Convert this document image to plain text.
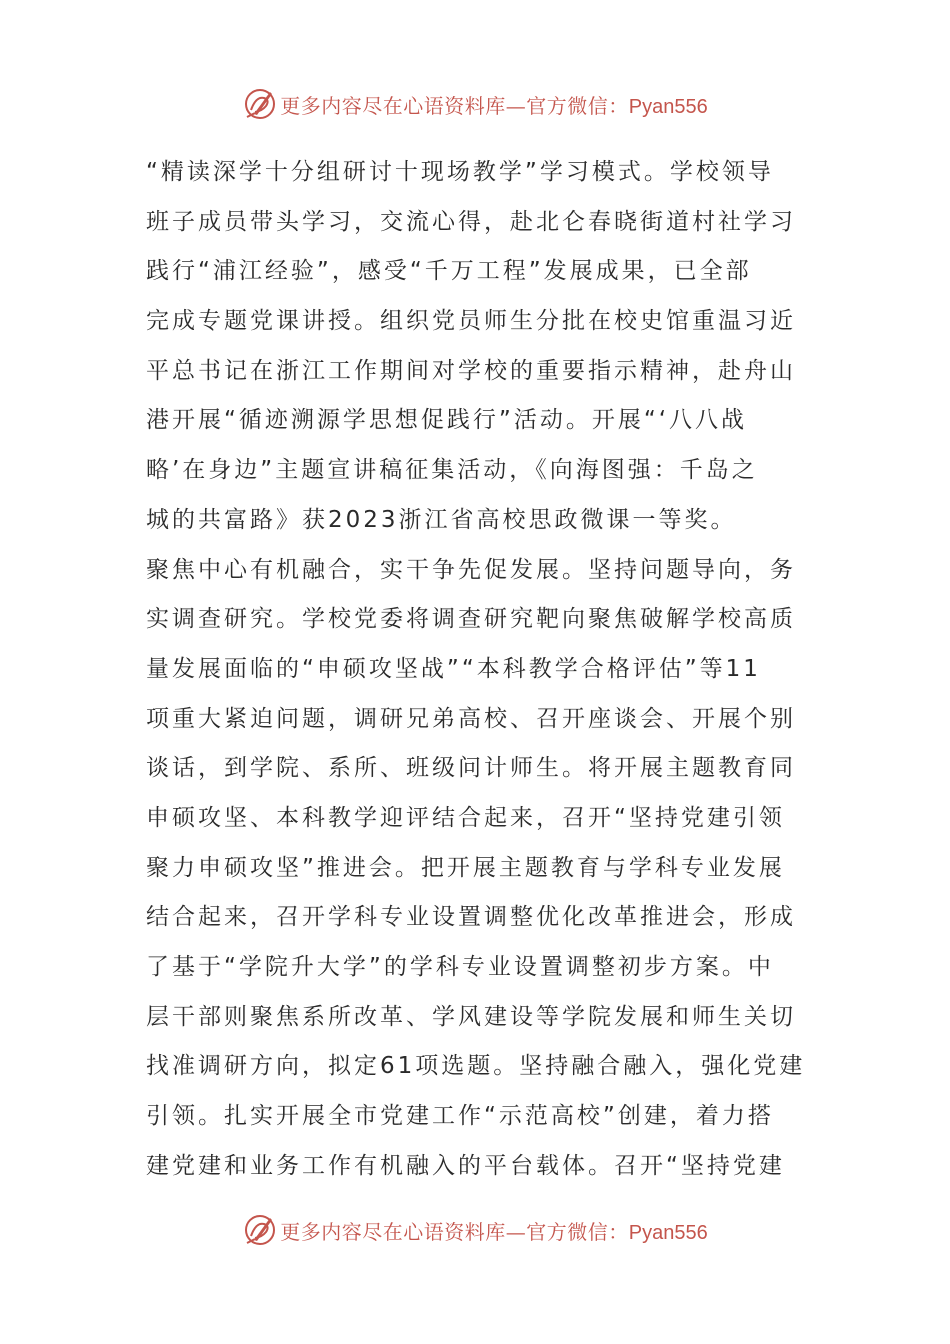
更多内容尽在心语资料库—官方微信：Pyan556
“精读深学十分组研讨十现场教学”学习模式。学校领导
班子成员带头学习，交流心得，赴北仑春晓街道村社学习
践行“浦江经验”，感受“千万工程”发展成果，已全部
完成专题党课讲授。组织党员师生分批在校史馆重温习近
平总书记在浙江工作期间对学校的重要指示精神，赴舟山
港开展“循迹溯源学思想促践行”活动。开展“‘八八战
略’在身边”主题宣讲稿征集活动，《向海图强：千岛之
城的共富路》获2023浙江省高校思政微课一等奖。
聚焦中心有机融合，实干争先促发展。坚持问题导向，务
实调查研究。学校党委将调查研究靶向聚焦破解学校高质
量发展面临的“申硕攻坚战”“本科教学合格评估”等11
项重大紧迫问题，调研兄弟高校、召开座谈会、开展个别
谈话，到学院、系所、班级问计师生。将开展主题教育同
申硕攻坚、本科教学迎评结合起来，召开“坚持党建引领
聚力申硕攻坚”推进会。把开展主题教育与学科专业发展
结合起来，召开学科专业设置调整优化改革推进会，形成
了基于“学院升大学”的学科专业设置调整初步方案。中
层干部则聚焦系所改革、学风建设等学院发展和师生关切
找准调研方向，拟定61项选题。坚持融合融入，强化党建
引领。扎实开展全市党建工作“示范高校”创建，着力搭
建党建和业务工作有机融入的平台载体。召开“坚持党建
更多内容尽在心语资料库—官方微信：Pyan556
